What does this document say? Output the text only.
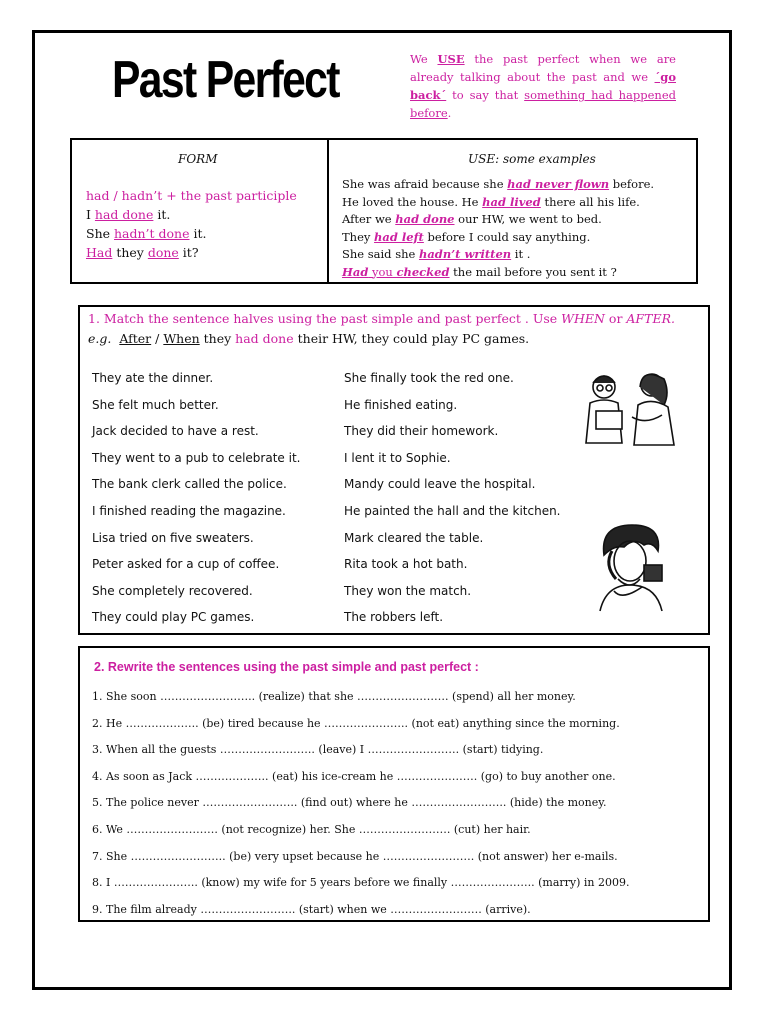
Past Perfect	We USE the past perfect when we are already talking about the past and we ´go back´ to say that something had happened before.
FORM	USE: some examples
had / hadn’t + the past participle
I had done it.
She hadn’t done it.
Had they done it?
She was afraid because she had never flown before.
He loved the house. He had lived there all his life.
After we had done our HW, we went to bed.
They had left before I could say anything.
She said she hadn’t written it .
Had you checked the mail before you sent it ?
1. Match the sentence halves using the past simple and past perfect . Use WHEN or AFTER.
e.g. After / When they had done their HW, they could play PC games.
They ate the dinner.
She felt much better.
Jack decided to have a rest.
They went to a pub to celebrate it.
The bank clerk called the police.
I finished reading the magazine.
Lisa tried on five sweaters.
Peter asked for a cup of coffee.
She completely recovered.
They could play PC games.
She finally took the red one.
He finished eating.
They did their homework.
I lent it to Sophie.
Mandy could leave the hospital.
He painted the hall and the kitchen.
Mark cleared the table.
Rita took a hot bath.
They won the match.
The robbers left.
2. Rewrite the sentences using the past simple and past perfect :
1. She soon …………………….. (realize) that she ……………………. (spend) all her money.
2. He ……………….. (be) tired because he ………………….. (not eat) anything since the morning.
3. When all the guests …………………….. (leave) I ……………………. (start) tidying.
4. As soon as Jack ……………….. (eat) his ice-cream he …………………. (go) to buy another one.
5. The police never …………………….. (find out) where he …………………….. (hide) the money.
6. We ……………………. (not recognize) her. She ……………………. (cut) her hair.
7. She …………………….. (be) very upset because he ……………………. (not answer) her e-mails.
8. I ………………….. (know) my wife for 5 years before we finally ………………….. (marry) in 2009.
9. The film already …………………….. (start) when we ……………………. (arrive).
